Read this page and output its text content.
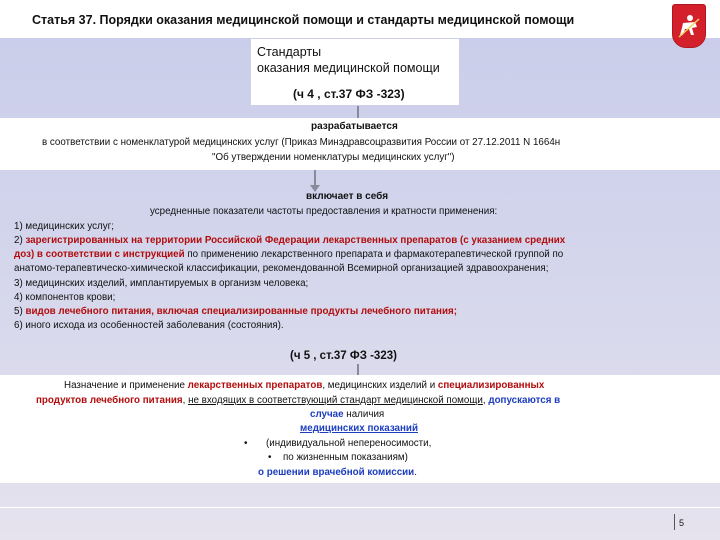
Статья 37. Порядки оказания медицинской помощи и стандарты медицинской помощи
Стандарты
оказания медицинской помощи
(ч 4 , ст.37 ФЗ -323)
разрабатывается
в соответствии с номенклатурой медицинских услуг (Приказ Минздравсоцразвития России от 27.12.2011 N 1664н
"Об утверждении номенклатуры медицинских услуг")
включает в себя
усредненные показатели частоты предоставления и кратности применения:
1) медицинских услуг;
2) зарегистрированных на территории Российской Федерации лекарственных препаратов (с указанием средних
доз) в соответствии с инструкцией по применению лекарственного препарата и фармакотерапевтической группой по
анатомо-терапевтическо-химической классификации, рекомендованной Всемирной организацией здравоохранения;
3) медицинских изделий, имплантируемых в организм человека;
4) компонентов крови;
5) видов лечебного питания, включая специализированные продукты лечебного питания;
6) иного исхода из особенностей заболевания (состояния).
(ч 5 , ст.37 ФЗ -323)
Назначение и применение лекарственных препаратов, медицинских изделий и специализированных
продуктов лечебного питания, не входящих в соответствующий стандарт медицинской помощи, допускаются в
случае наличия
медицинских показаний
• (индивидуальной непереносимости,
• по жизненным показаниям)
о решении врачебной комиссии.
5
